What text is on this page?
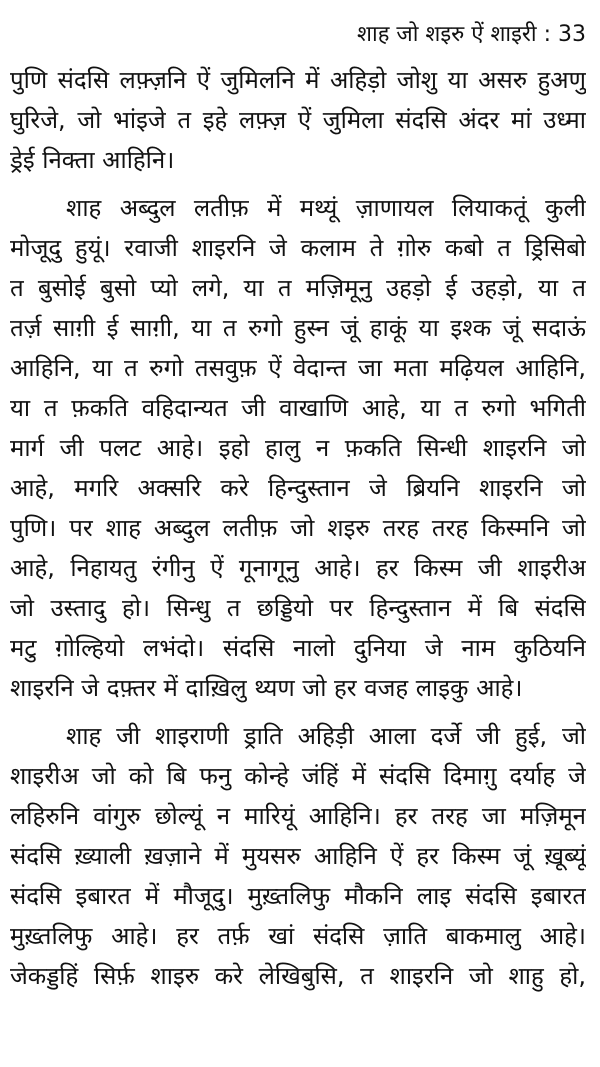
शाह जो शइरु ऐं शाइरी : 33
पुणि संदसि लफ़्ज़नि ऐं जुमिलनि में अहिड़ो जोशु या असरु हुअणु
घुरिजे, जो भांइजे त इहे लफ़्ज़ ऐं जुमिला संदसि अंदर मां उध्मा
ड्रेई निक्ता आहिनि।
शाह अब्दुल लतीफ़ में मथ्यूं ज़ाणायल लियाकतूं कुली
मोजूदु हुयूं। रवाजी शाइरनि जे कलाम ते ग़ोरु कबो त ड्रिसिबो
त बुसोई बुसो प्यो लगे, या त मज़िमूनु उहड़ो ई उहड़ो, या त
तर्ज़ साग़ी ई साग़ी, या त रुगो हुस्न जूं हाकूं या इश्क जूं सदाऊं
आहिनि, या त रुगो तसवुफ़ ऐं वेदान्त जा मता मढ़ियल आहिनि,
या त फ़कति वहिदान्यत जी वाखाणि आहे, या त रुगो भगिती
मार्ग जी पलट आहे। इहो हालु न फ़कति सिन्धी शाइरनि जो
आहे, मगरि अक्सरि करे हिन्दुस्तान जे ब्रियनि शाइरनि जो
पुणि। पर शाह अब्दुल लतीफ़ जो शइरु तरह तरह किस्मनि जो
आहे, निहायतु रंगीनु ऐं गूनागूनु आहे। हर किस्म जी शाइरीअ
जो उस्तादु हो। सिन्धु त छड्डियो पर हिन्दुस्तान में बि संदसि
मटु ग़ोल्हियो लभंदो। संदसि नालो दुनिया जे नाम कुठियनि
शाइरनि जे दफ़्तर में दाख़िलु थ्यण जो हर वजह लाइकु आहे।
शाह जी शाइराणी ड्राति अहिड़ी आला दर्जे जी हुई, जो
शाइरीअ जो को बि फनु कोन्हे जंहिं में संदसि दिमाग़ु दर्याह जे
लहिरुनि वांगुरु छोल्यूं न मारियूं आहिनि। हर तरह जा मज़िमून
संदसि ख़्याली ख़ज़ाने में मुयसरु आहिनि ऐं हर किस्म जूं ख़ूब्यूं
संदसि इबारत में मौजूदु। मुख़्तलिफु मौकनि लाइ संदसि इबारत
मुख़्तलिफु आहे। हर तर्फ़ खां संदसि ज़ाति बाकमालु आहे।
जेकड्डहिं सिर्फ़ शाइरु करे लेखिबुसि, त शाइरनि जो शाहु हो,
